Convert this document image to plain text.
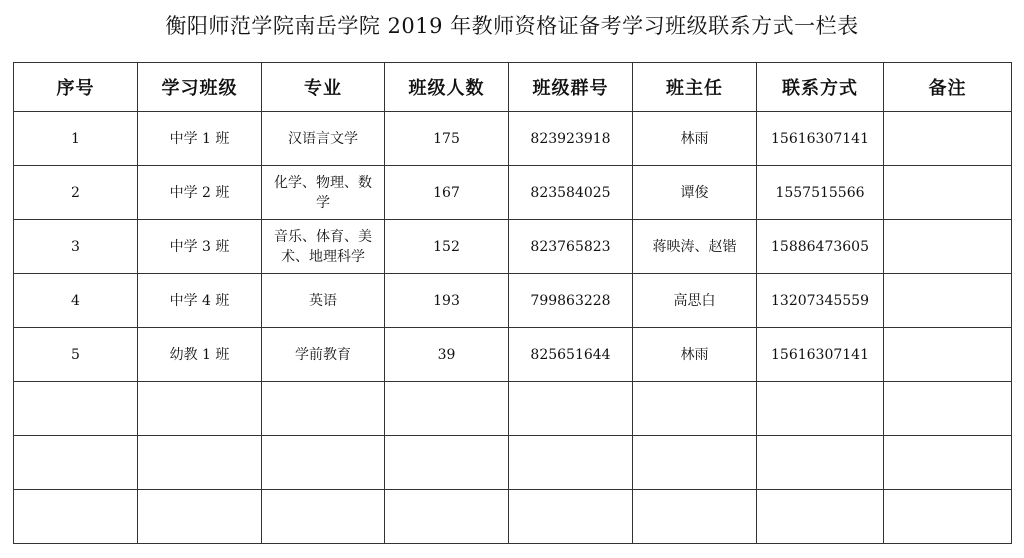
衡阳师范学院南岳学院 2019 年教师资格证备考学习班级联系方式一栏表
序号	学习班级	专业	班级人数	班级群号	班主任	联系方式	备注
1	中学 1 班	汉语言文学	175	823923918	林雨	15616307141	
2	中学 2 班	化学、物理、数学	167	823584025	谭俊	1557515566	
3	中学 3 班	音乐、体育、美术、地理科学	152	823765823	蒋映涛、赵锴	15886473605	
4	中学 4 班	英语	193	799863228	高思白	13207345559	
5	幼教 1 班	学前教育	39	825651644	林雨	15616307141	
